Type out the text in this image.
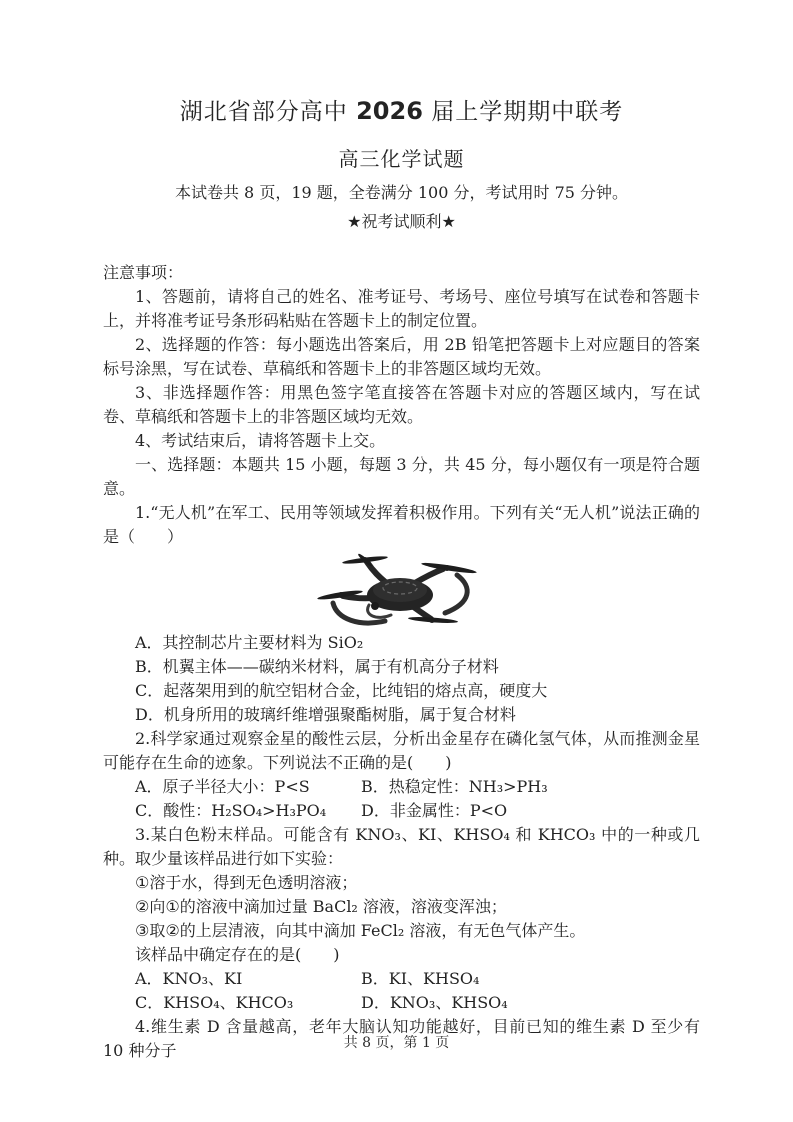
湖北省部分高中 2026 届上学期期中联考
高三化学试题
本试卷共 8 页，19 题，全卷满分 100 分，考试用时 75 分钟。
★祝考试顺利★
注意事项：
1、答题前，请将自己的姓名、准考证号、考场号、座位号填写在试卷和答题卡上，并将准考证号条形码粘贴在答题卡上的制定位置。
2、选择题的作答：每小题选出答案后，用 2B 铅笔把答题卡上对应题目的答案标号涂黑，写在试卷、草稿纸和答题卡上的非答题区域均无效。
3、非选择题作答：用黑色签字笔直接答在答题卡对应的答题区域内，写在试卷、草稿纸和答题卡上的非答题区域均无效。
4、考试结束后，请将答题卡上交。
一、选择题：本题共 15 小题，每题 3 分，共 45 分，每小题仅有一项是符合题意。
1.“无人机”在军工、民用等领域发挥着积极作用。下列有关“无人机”说法正确的是（　　）
A．其控制芯片主要材料为 SiO₂
B．机翼主体——碳纳米材料，属于有机高分子材料
C．起落架用到的航空铝材合金，比纯铝的熔点高，硬度大
D．机身所用的玻璃纤维增强聚酯树脂，属于复合材料
2.科学家通过观察金星的酸性云层，分析出金星存在磷化氢气体，从而推测金星可能存在生命的迹象。下列说法不正确的是(　　)
A．原子半径大小：P<S	B．热稳定性：NH₃>PH₃
C．酸性：H₂SO₄>H₃PO₄	D．非金属性：P<O
3.某白色粉末样品。可能含有 KNO₃、KI、KHSO₄ 和 KHCO₃ 中的一种或几种。取少量该样品进行如下实验：
①溶于水，得到无色透明溶液；
②向①的溶液中滴加过量 BaCl₂ 溶液，溶液变浑浊；
③取②的上层清液，向其中滴加 FeCl₂ 溶液，有无色气体产生。
该样品中确定存在的是(　　)
A．KNO₃、KI	B．KI、KHSO₄
C．KHSO₄、KHCO₃	D．KNO₃、KHSO₄
4.维生素 D 含量越高，老年大脑认知功能越好，目前已知的维生素 D 至少有 10 种分子	共 8 页，第 1 页
